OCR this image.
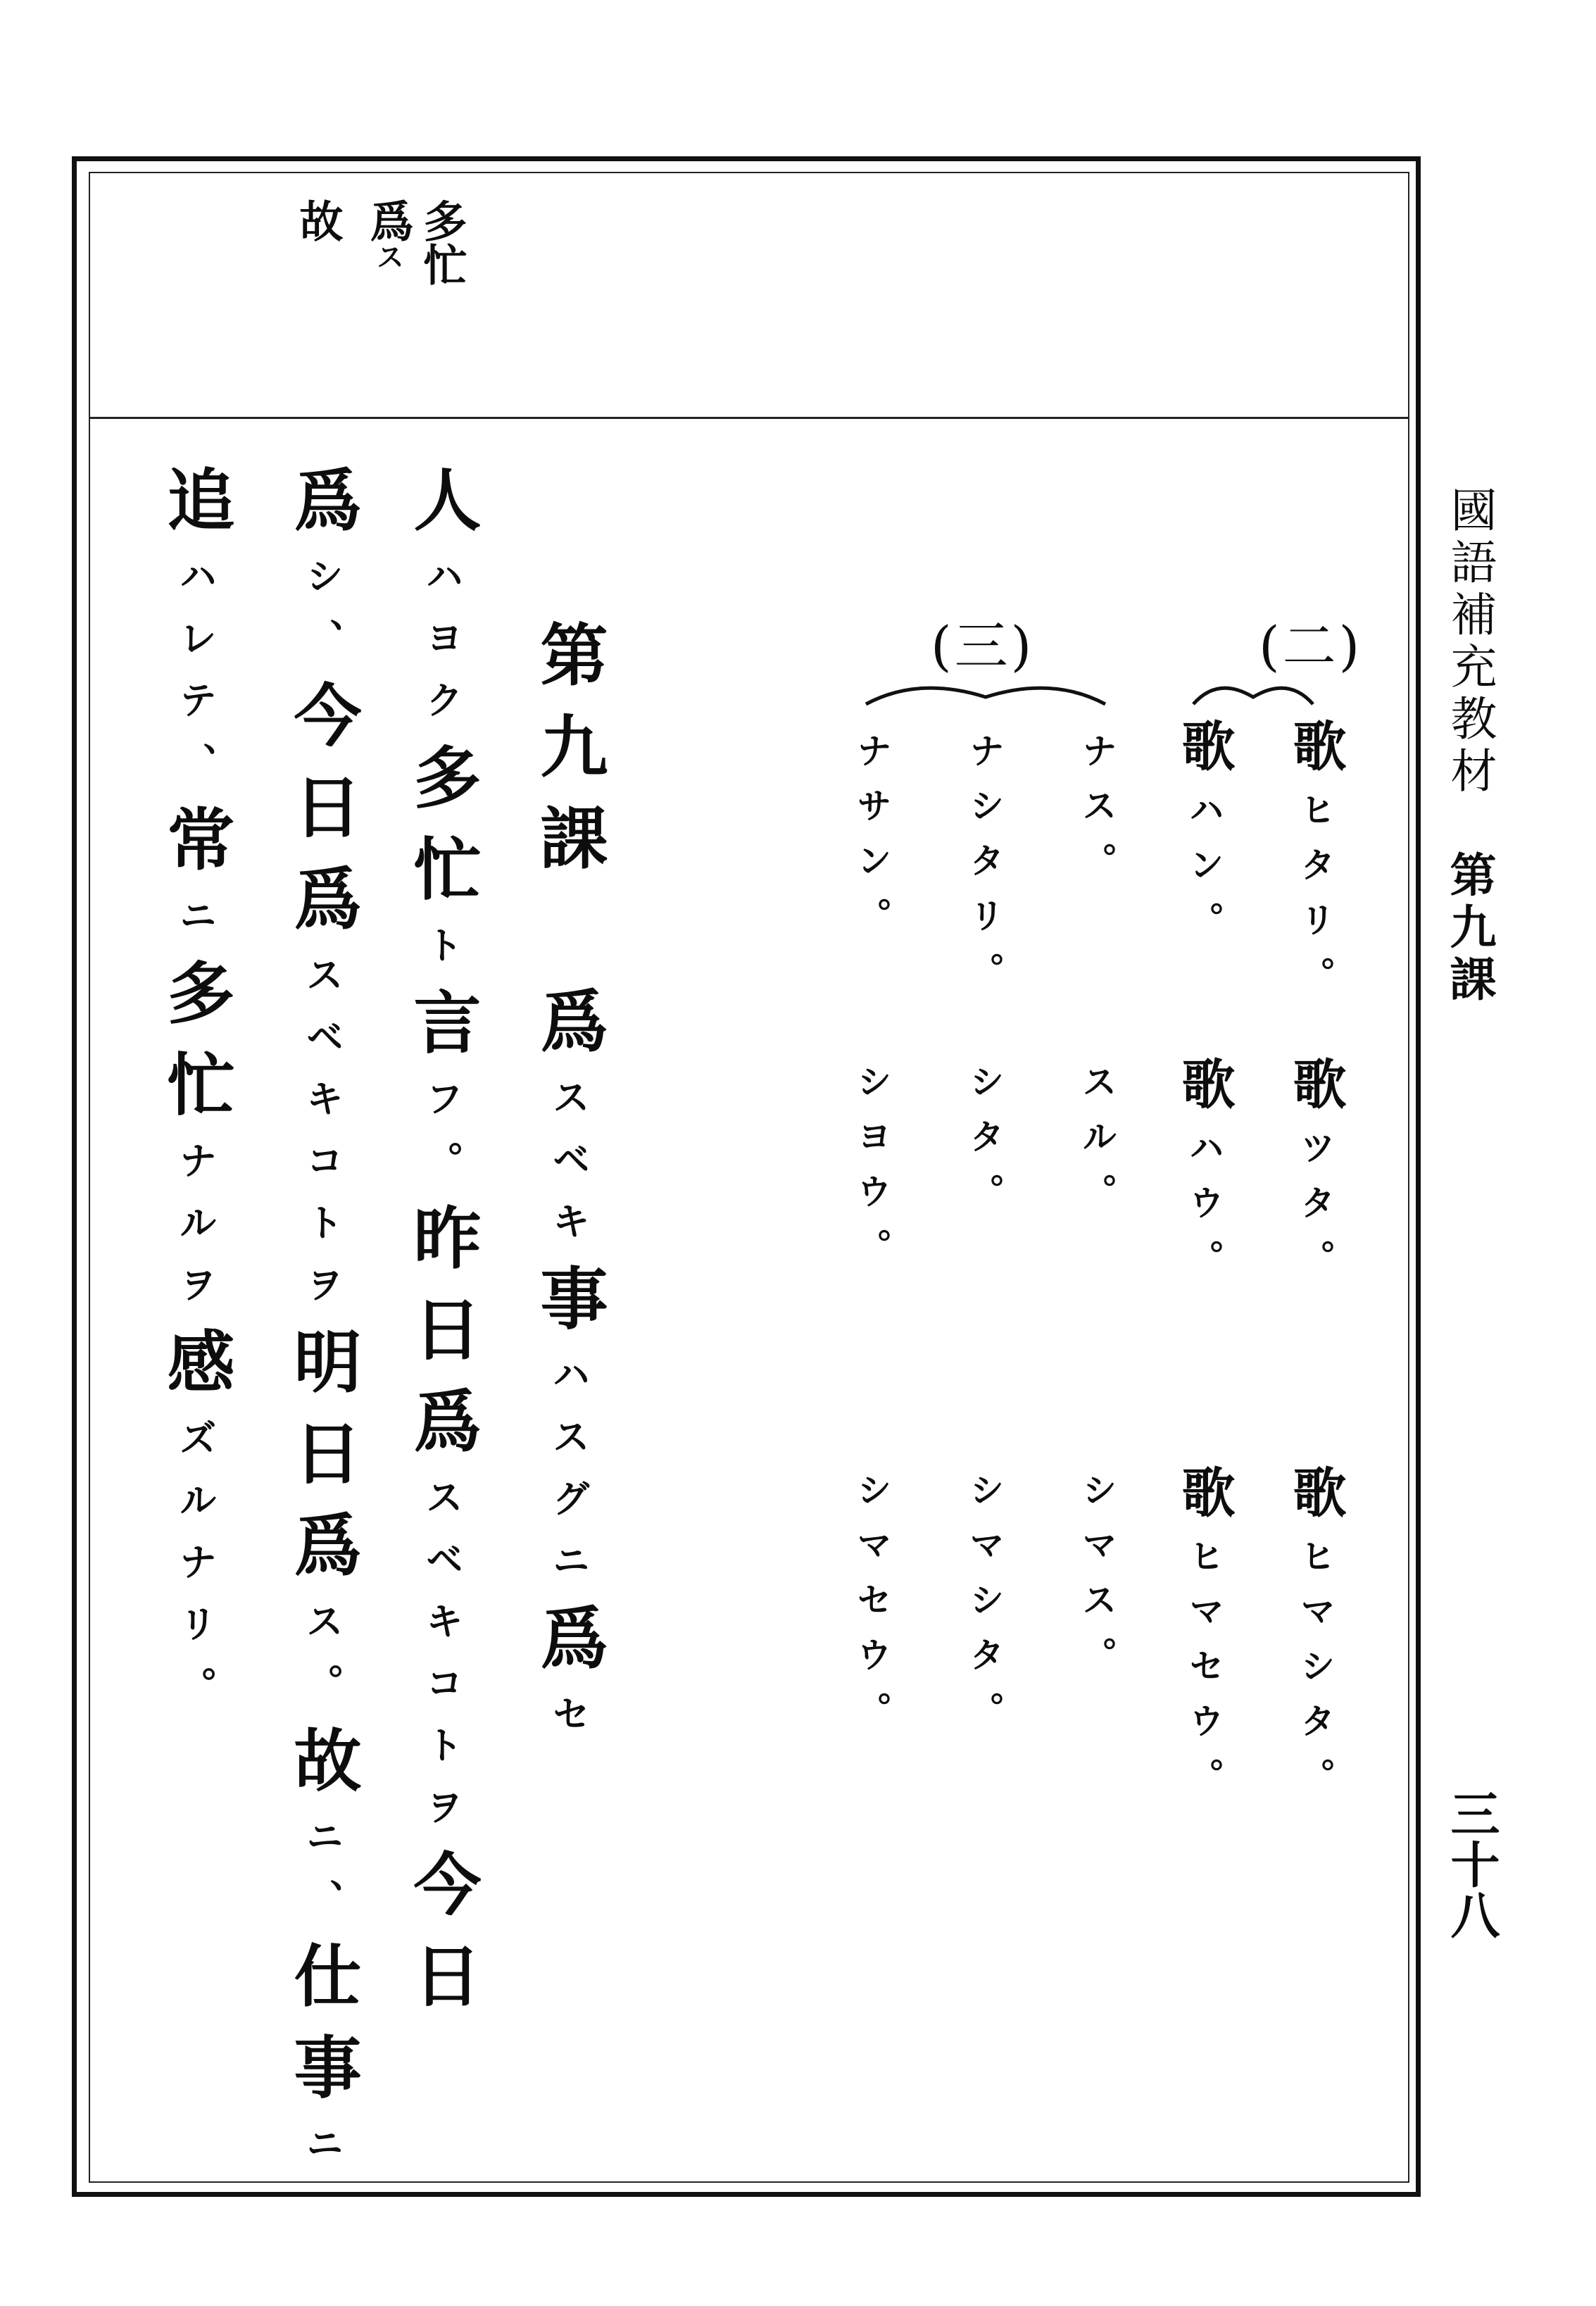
多忙
爲ス
故
國語補充教材　第九課
三十八
(二)
(三)
歌ヒタリ。
歌ツタ。
歌ヒマシタ。
歌ハン。
歌ハウ。
歌ヒマセウ。
ナス。
スル。
シマス。
ナシタリ。
シタ。
シマシタ。
ナサン。
シヨウ。
シマセウ。
第九課　爲スベキ事ハスグニ爲セ
人ハヨク多忙ト言フ。昨日爲スベキコトヲ今日
爲シ、今日爲スベキコトヲ明日爲ス。故ニ、仕事ニ
追ハレテ、常ニ多忙ナルヲ感ズルナリ。
